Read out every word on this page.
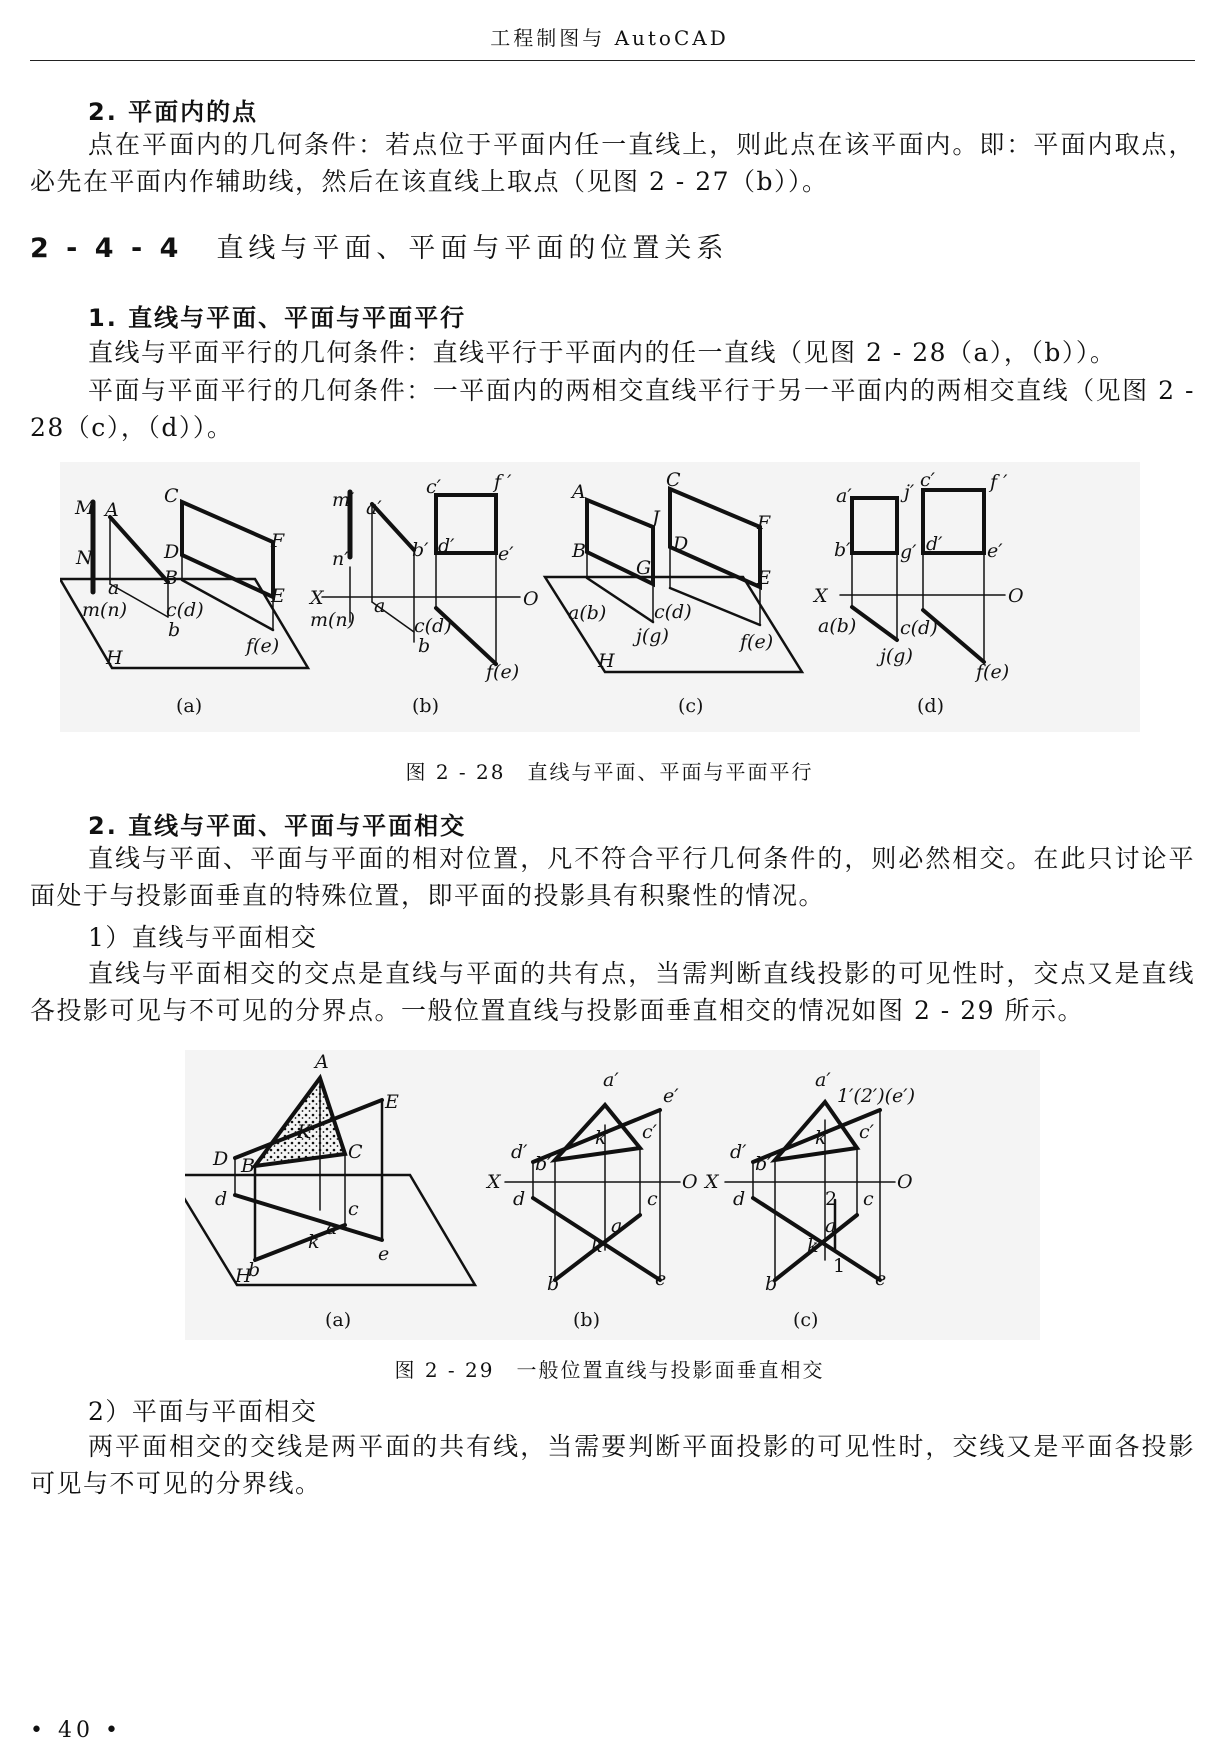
工程制图与 AutoCAD

2. 平面内的点

点在平面内的几何条件：若点位于平面内任一直线上，则此点在该平面内。即：平面内取点，必先在平面内作辅助线，然后在该直线上取点（见图 2 - 27（b））。

2 - 4 - 4 直线与平面、平面与平面的位置关系

1. 直线与平面、平面与平面平行

直线与平面平行的几何条件：直线平行于平面内的任一直线（见图 2 - 28（a），（b））。

平面与平面平行的几何条件：一平面内的两相交直线平行于另一平面内的两相交直线（见图 2 - 28（c），（d））。

M A
N
C
D
B
F
E
a
m(n) c(d)
b
f(e)
H
(a)
m′
n′
a′
c′	f ′
b′ d′ e′
X	O
m(n)
a
c(d)
b
f(e)
(b)
A
C
J	F
B	D
G	E
a(b)	c(d)
j(g)	f(e)
H
(c)
a′	j′
c′	f ′
b′	g′ d′ e′
X	O
a(b) c(d)
j(g)
f(e)
(d)

图 2 - 28　直线与平面、平面与平面平行

2. 直线与平面、平面与平面相交

直线与平面、平面与平面的相对位置，凡不符合平行几何条件的，则必然相交。在此只讨论平面处于与投影面垂直的特殊位置，即平面的投影具有积聚性的情况。

1）直线与平面相交

直线与平面相交的交点是直线与平面的共有点，当需判断直线投影的可见性时，交点又是直线各投影可见与不可见的分界点。一般位置直线与投影面垂直相交的情况如图 2 - 29 所示。

A
E
K
D B
C
d	c
a
k
H
b
e
(a)
a′
e′
k′ c′
d′
b′
X	O
d	c
a
k
b	e
(b)
a′
1′(2′)(e′)
k′ c′
d′
b′
X	O
d	2 c
a
k
1
b	e
(c)

图 2 - 29　一般位置直线与投影面垂直相交

2）平面与平面相交

两平面相交的交线是两平面的共有线，当需要判断平面投影的可见性时，交线又是平面各投影可见与不可见的分界线。

• 40 •
